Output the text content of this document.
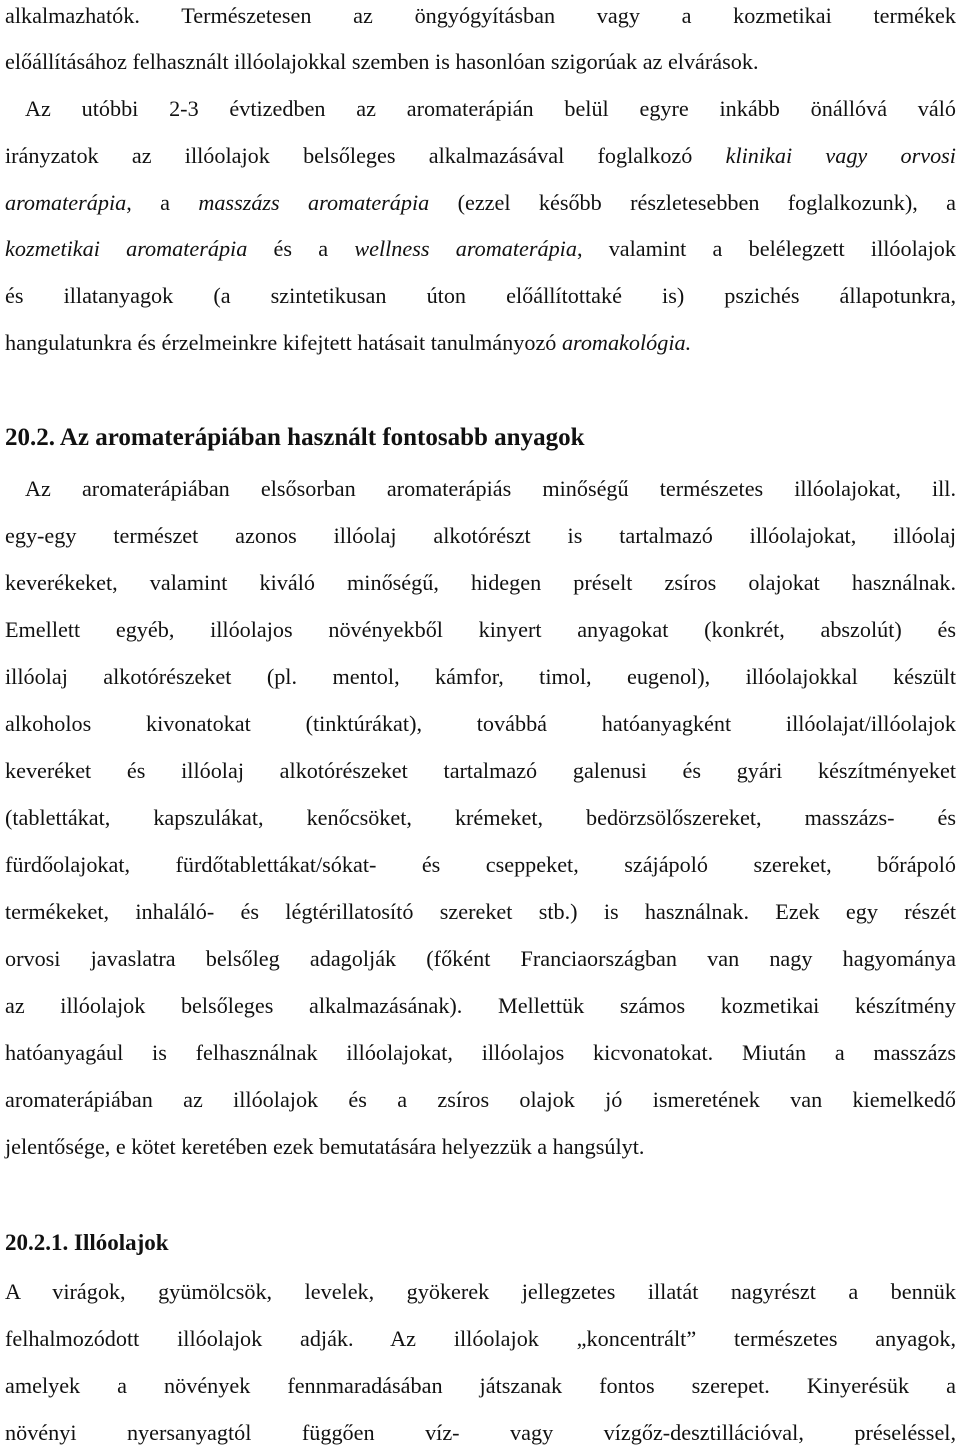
alkalmazhatók. Természetesen az öngyógyításban vagy a kozmetikai termékek

előállításához felhasznált illóolajokkal szemben is hasonlóan szigorúak az elvárások.

Az utóbbi 2-3 évtizedben az aromaterápián belül egyre inkább önállóvá váló

irányzatok az illóolajok belsőleges alkalmazásával foglalkozó klinikai vagy orvosi

aromaterápia, a masszázs aromaterápia (ezzel később részletesebben foglalkozunk), a

kozmetikai aromaterápia és a wellness aromaterápia, valamint a belélegzett illóolajok

és illatanyagok (a szintetikusan úton előállítottaké is) pszichés állapotunkra,

hangulatunkra és érzelmeinkre kifejtett hatásait tanulmányozó aromakológia.

20.2. Az aromaterápiában használt fontosabb anyagok

Az aromaterápiában elsősorban aromaterápiás minőségű természetes illóolajokat, ill.

egy-egy természet azonos illóolaj alkotórészt is tartalmazó illóolajokat, illóolaj

keverékeket, valamint kiváló minőségű, hidegen préselt zsíros olajokat használnak.

Emellett egyéb, illóolajos növényekből kinyert anyagokat (konkrét, abszolút) és

illóolaj alkotórészeket (pl. mentol, kámfor, timol, eugenol), illóolajokkal készült

alkoholos kivonatokat (tinktúrákat), továbbá hatóanyagként illóolajat/illóolajok

keveréket és illóolaj alkotórészeket tartalmazó galenusi és gyári készítményeket

(tablettákat, kapszulákat, kenőcsöket, krémeket, bedörzsölőszereket, masszázs- és

fürdőolajokat, fürdőtablettákat/sókat- és cseppeket, szájápoló szereket, bőrápoló

termékeket, inhaláló- és légtérillatosító szereket stb.) is használnak. Ezek egy részét

orvosi javaslatra belsőleg adagolják (főként Franciaországban van nagy hagyománya

az illóolajok belsőleges alkalmazásának). Mellettük számos kozmetikai készítmény

hatóanyagául is felhasználnak illóolajokat, illóolajos kicvonatokat. Miután a masszázs

aromaterápiában az illóolajok és a zsíros olajok jó ismeretének van kiemelkedő

jelentősége, e kötet keretében ezek bemutatására helyezzük a hangsúlyt.

20.2.1. Illóolajok

A virágok, gyümölcsök, levelek, gyökerek jellegzetes illatát nagyrészt a bennük

felhalmozódott illóolajok adják. Az illóolajok „koncentrált” természetes anyagok,

amelyek a növények fennmaradásában játszanak fontos szerepet. Kinyerésük a

növényi nyersanyagtól függően víz- vagy vízgőz-desztillációval, préseléssel,
